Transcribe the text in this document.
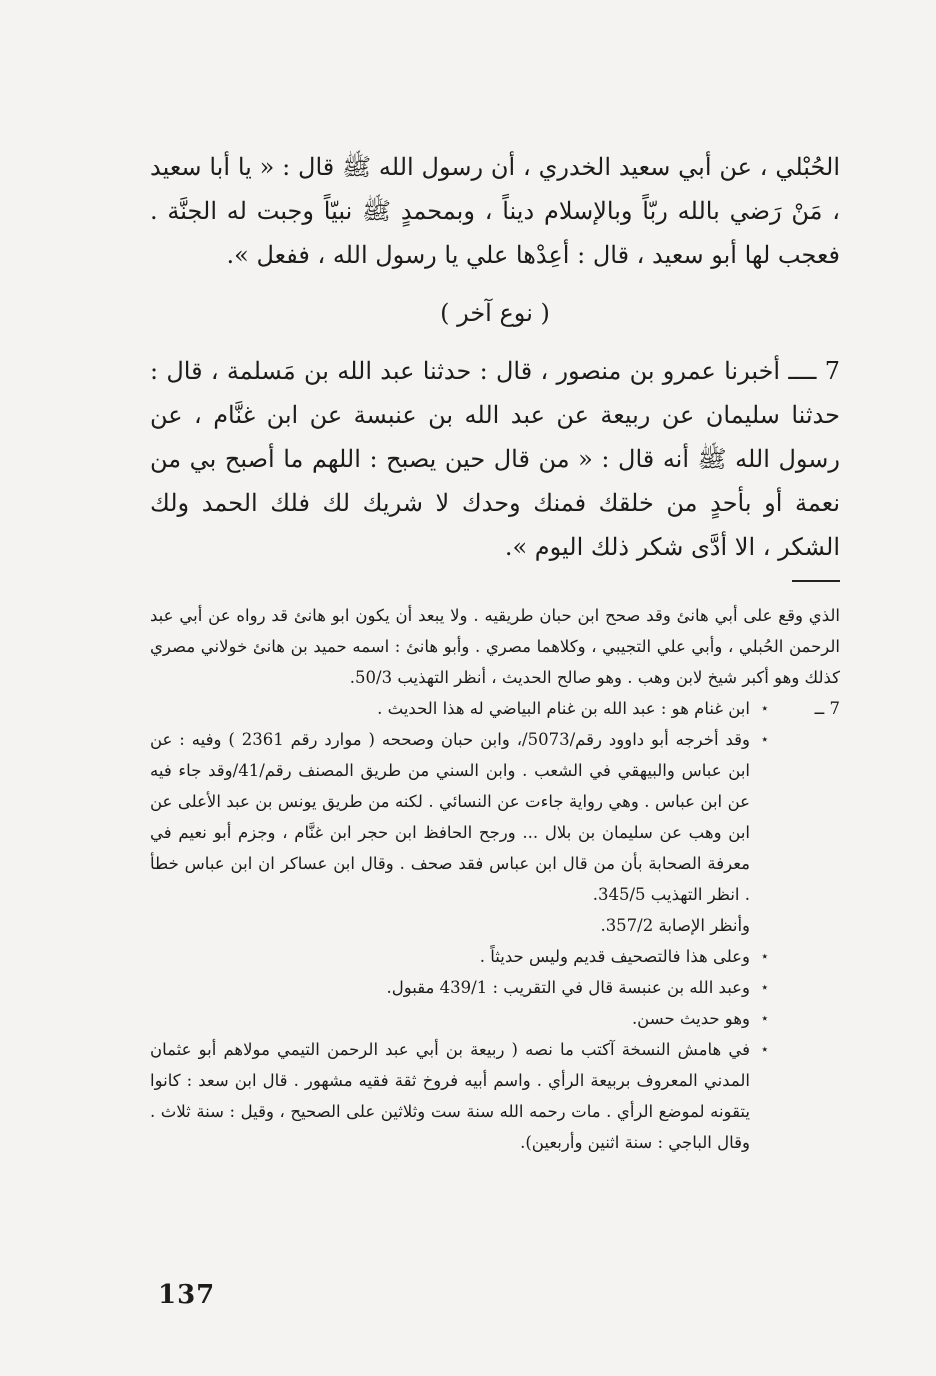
الحُبْلي ، عن أبي سعيد الخدري ، أن رسول الله ﷺ قال : « يا أبا سعيد ، مَنْ رَضي بالله ربّاً وبالإسلام ديناً ، وبمحمدٍ ﷺ نبيّاً وجبت له الجنَّة . فعجب لها أبو سعيد ، قال : أعِدْها علي يا رسول الله ، ففعل ».

( نوع آخر )

7 ــــ أخبرنا عمرو بن منصور ، قال : حدثنا عبد الله بن مَسلمة ، قال : حدثنا سليمان عن ربيعة عن عبد الله بن عنبسة عن ابن غنَّام ، عن رسول الله ﷺ أنه قال : « من قال حين يصبح : اللهم ما أصبح بي من نعمة أو بأحدٍ من خلقك فمنك وحدك لا شريك لك فلك الحمد ولك الشكر ، الا أدَّى شكر ذلك اليوم ».

الذي وقع على أبي هانئ وقد صحح ابن حبان طريقيه . ولا يبعد أن يكون ابو هانئ قد رواه عن أبي عبد الرحمن الحُبلي ، وأبي علي التجيبي ، وكلاهما مصري . وأبو هانئ : اسمه حميد بن هانئ خولاني مصري كذلك وهو أكبر شيخ لابن وهب . وهو صالح الحديث ، أنظر التهذيب 50/3.
7 ــ
٭
ابن غنام هو : عبد الله بن غنام البياضي له هذا الحديث .
٭
وقد أخرجه أبو داوود رقم/5073/، وابن حبان وصححه ( موارد رقم 2361 ) وفيه : عن ابن عباس والبيهقي في الشعب . وابن السني من طريق المصنف رقم/41/وقد جاء فيه عن ابن عباس . وهي رواية جاءت عن النسائي . لكنه من طريق يونس بن عبد الأعلى عن ابن وهب عن سليمان بن بلال ... ورجح الحافظ ابن حجر ابن غنَّام ، وجزم أبو نعيم في معرفة الصحابة بأن من قال ابن عباس فقد صحف . وقال ابن عساكر ان ابن عباس خطأ . انظر التهذيب 345/5.
وأنظر الإصابة 357/2.
٭
وعلى هذا فالتصحيف قديم وليس حديثاً .
٭
وعبد الله بن عنبسة قال في التقريب : 439/1 مقبول.
٭
وهو حديث حسن.
٭
في هامش النسخة آكتب ما نصه ( ربيعة بن أبي عبد الرحمن التيمي مولاهم أبو عثمان المدني المعروف بربيعة الرأي . واسم أبيه فروخ ثقة فقيه مشهور . قال ابن سعد : كانوا يتقونه لموضع الرأي . مات رحمه الله سنة ست وثلاثين على الصحيح ، وقيل : سنة ثلاث . وقال الباجي : سنة اثنين وأربعين).
137
